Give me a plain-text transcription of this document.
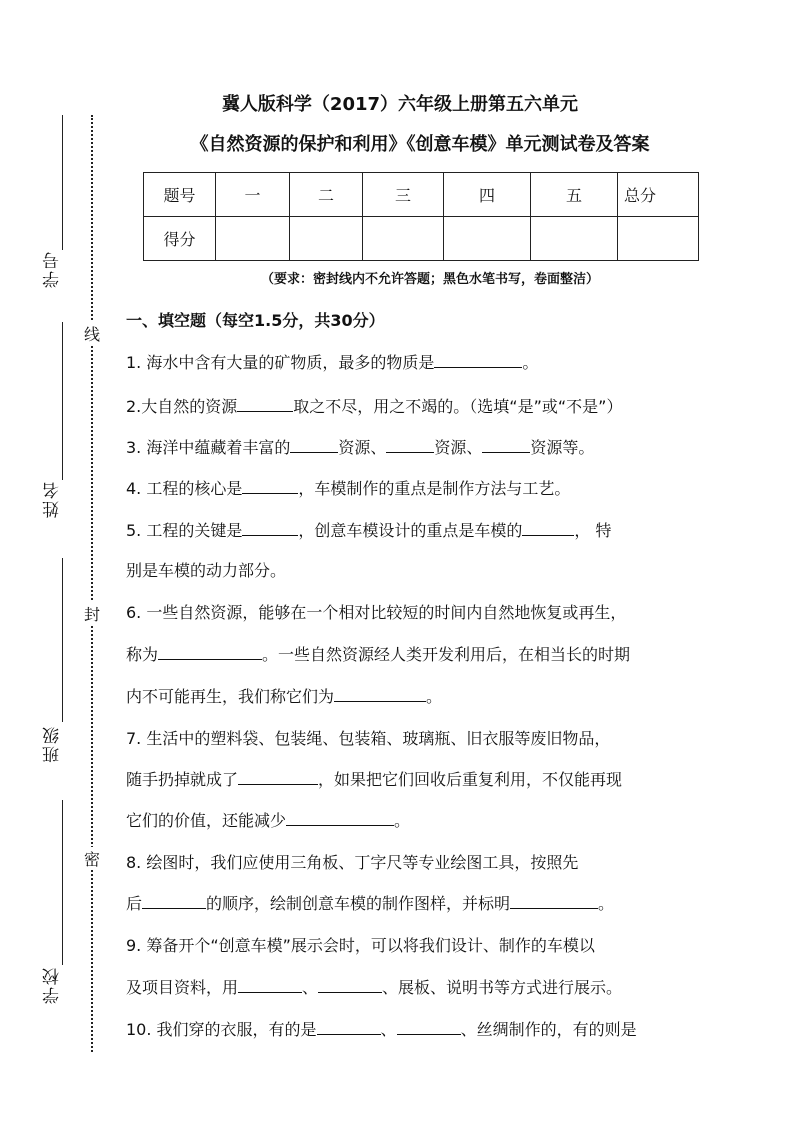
学号
姓名
班级
学校
线
封
密
冀人版科学（2017）六年级上册第五六单元
《自然资源的保护和利用》《创意车模》单元测试卷及答案
题号	一	二	三	四	五	总分
得分						
（要求：密封线内不允许答题；黑色水笔书写，卷面整洁）
一、填空题（每空1.5分，共30分）
1. 海水中含有大量的矿物质，最多的物质是	。
2.大自然的资源	取之不尽，用之不竭的。（选填“是”或“不是”）
3. 海洋中蕴藏着丰富的	资源、	资源、	资源等。
4. 工程的核心是	，车模制作的重点是制作方法与工艺。
5. 工程的关键是	，创意车模设计的重点是车模的	， 特
别是车模的动力部分。
6. 一些自然资源，能够在一个相对比较短的时间内自然地恢复或再生，
称为	。一些自然资源经人类开发利用后，在相当长的时期
内不可能再生，我们称它们为	。
7. 生活中的塑料袋、包装绳、包装箱、玻璃瓶、旧衣服等废旧物品，
随手扔掉就成了	，如果把它们回收后重复利用，不仅能再现
它们的价值，还能减少	。
8. 绘图时，我们应使用三角板、丁字尺等专业绘图工具，按照先
后	的顺序，绘制创意车模的制作图样，并标明	。
9. 筹备开个“创意车模”展示会时，可以将我们设计、制作的车模以
及项目资料，用	、	、展板、说明书等方式进行展示。
10. 我们穿的衣服，有的是	、	、丝绸制作的，有的则是
